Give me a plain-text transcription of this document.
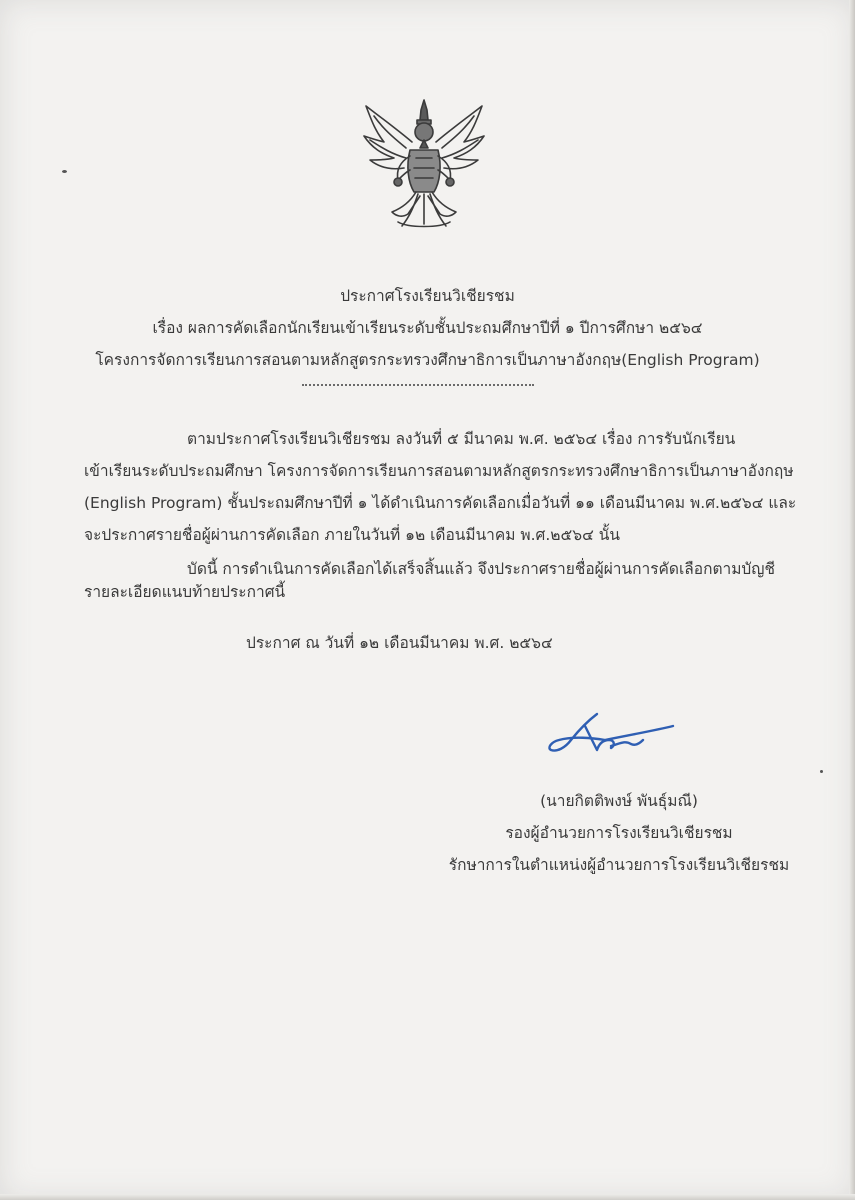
ประกาศโรงเรียนวิเชียรชม
เรื่อง ผลการคัดเลือกนักเรียนเข้าเรียนระดับชั้นประถมศึกษาปีที่ ๑ ปีการศึกษา ๒๕๖๔
โครงการจัดการเรียนการสอนตามหลักสูตรกระทรวงศึกษาธิการเป็นภาษาอังกฤษ(English Program)
ตามประกาศโรงเรียนวิเชียรชม ลงวันที่ ๕ มีนาคม พ.ศ. ๒๕๖๔ เรื่อง การรับนักเรียน
เข้าเรียนระดับประถมศึกษา โครงการจัดการเรียนการสอนตามหลักสูตรกระทรวงศึกษาธิการเป็นภาษาอังกฤษ
(English Program) ชั้นประถมศึกษาปีที่ ๑ ได้ดำเนินการคัดเลือกเมื่อวันที่ ๑๑ เดือนมีนาคม พ.ศ.๒๕๖๔ และ
จะประกาศรายชื่อผู้ผ่านการคัดเลือก ภายในวันที่ ๑๒ เดือนมีนาคม พ.ศ.๒๕๖๔ นั้น
บัดนี้ การดำเนินการคัดเลือกได้เสร็จสิ้นแล้ว จึงประกาศรายชื่อผู้ผ่านการคัดเลือกตามบัญชี
รายละเอียดแนบท้ายประกาศนี้
ประกาศ ณ วันที่ ๑๒ เดือนมีนาคม พ.ศ. ๒๕๖๔
(นายกิตติพงษ์ พันธุ์มณี)
รองผู้อำนวยการโรงเรียนวิเชียรชม
รักษาการในตำแหน่งผู้อำนวยการโรงเรียนวิเชียรชม
